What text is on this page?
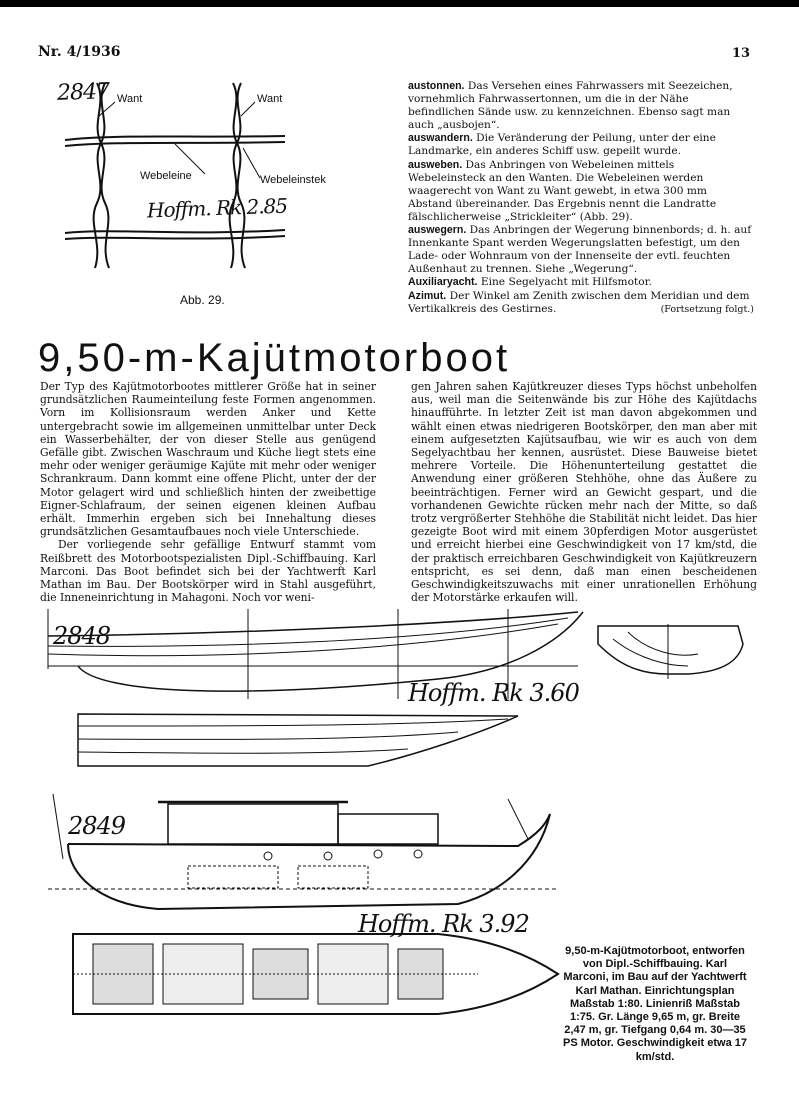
Nr. 4/1936	13
2847 Want	Want
Webeleine	Webeleinstek
Hoffm. Rk 2.85
Abb. 29.

austonnen. Das Versehen eines Fahrwassers mit Seezeichen, vornehmlich Fahrwassertonnen, um die in der Nähe befindlichen Sände usw. zu kennzeichnen. Ebenso sagt man auch „ausbojen“.

auswandern. Die Veränderung der Peilung, unter der eine Landmarke, ein anderes Schiff usw. gepeilt wurde.

ausweben. Das Anbringen von Webeleinen mittels Webeleinsteck an den Wanten. Die Webeleinen werden waagerecht von Want zu Want gewebt, in etwa 300 mm Abstand übereinander. Das Ergebnis nennt die Landratte fälschlicherweise „Strickleiter“ (Abb. 29).

auswegern. Das Anbringen der Wegerung binnenbords; d. h. auf Innenkante Spant werden Wegerungslatten befestigt, um den Lade- oder Wohnraum von der Innenseite der evtl. feuchten Außenhaut zu trennen. Siehe „Wegerung“.

Auxiliaryacht. Eine Segelyacht mit Hilfsmotor.

Azimut. Der Winkel am Zenith zwischen dem Meridian und dem Vertikalkreis des Gestirnes.	(Fortsetzung folgt.)

9,50-m-Kajütmotorboot

Der Typ des Kajütmotorbootes mittlerer Größe hat in seiner grundsätzlichen Raumeinteilung feste Formen angenommen. Vorn im Kollisionsraum werden Anker und Kette untergebracht sowie im allgemeinen unmittelbar unter Deck ein Wasserbehälter, der von dieser Stelle aus genügend Gefälle gibt. Zwischen Waschraum und Küche liegt stets eine mehr oder weniger geräumige Kajüte mit mehr oder weniger Schrankraum. Dann kommt eine offene Plicht, unter der der Motor gelagert wird und schließlich hinten der zweibettige Eigner-Schlafraum, der seinen eigenen kleinen Aufbau erhält. Immerhin ergeben sich bei Innehaltung dieses grundsätzlichen Gesamtaufbaues noch viele Unterschiede.

Der vorliegende sehr gefällige Entwurf stammt vom Reißbrett des Motorbootspezialisten Dipl.-Schiffbauing. Karl Marconi. Das Boot befindet sich bei der Yachtwerft Karl Mathan im Bau. Der Bootskörper wird in Stahl ausgeführt, die Inneneinrichtung in Mahagoni. Noch vor weni-

gen Jahren sahen Kajütkreuzer dieses Typs höchst unbeholfen aus, weil man die Seitenwände bis zur Höhe des Kajütdachs hinaufführte. In letzter Zeit ist man davon abgekommen und wählt einen etwas niedrigeren Bootskörper, den man aber mit einem aufgesetzten Kajütsaufbau, wie wir es auch von dem Segelyachtbau her kennen, ausrüstet. Diese Bauweise bietet mehrere Vorteile. Die Höhenunterteilung gestattet die Anwendung einer größeren Stehhöhe, ohne das Äußere zu beeinträchtigen. Ferner wird an Gewicht gespart, und die vorhandenen Gewichte rücken mehr nach der Mitte, so daß trotz vergrößerter Stehhöhe die Stabilität nicht leidet. Das hier gezeigte Boot wird mit einem 30pferdigen Motor ausgerüstet und erreicht hierbei eine Geschwindigkeit von 17 km/std, die der praktisch erreichbaren Geschwindigkeit von Kajütkreuzern entspricht, es sei denn, daß man einen bescheidenen Geschwindigkeitszuwachs mit einer unrationellen Erhöhung der Motorstärke erkaufen will.

2848
Hoffm. Rk 3.60
2849
Hoffm. Rk 3.92
9,50-m-Kajütmotorboot, entworfen von Dipl.-Schiffbauing. Karl Marconi, im Bau auf der Yachtwerft Karl Mathan. Einrichtungsplan Maßstab 1:80. Linienriß Maßstab 1:75. Gr. Länge 9,65 m, gr. Breite 2,47 m, gr. Tiefgang 0,64 m. 30—35 PS Motor. Geschwindigkeit etwa 17 km/std.
